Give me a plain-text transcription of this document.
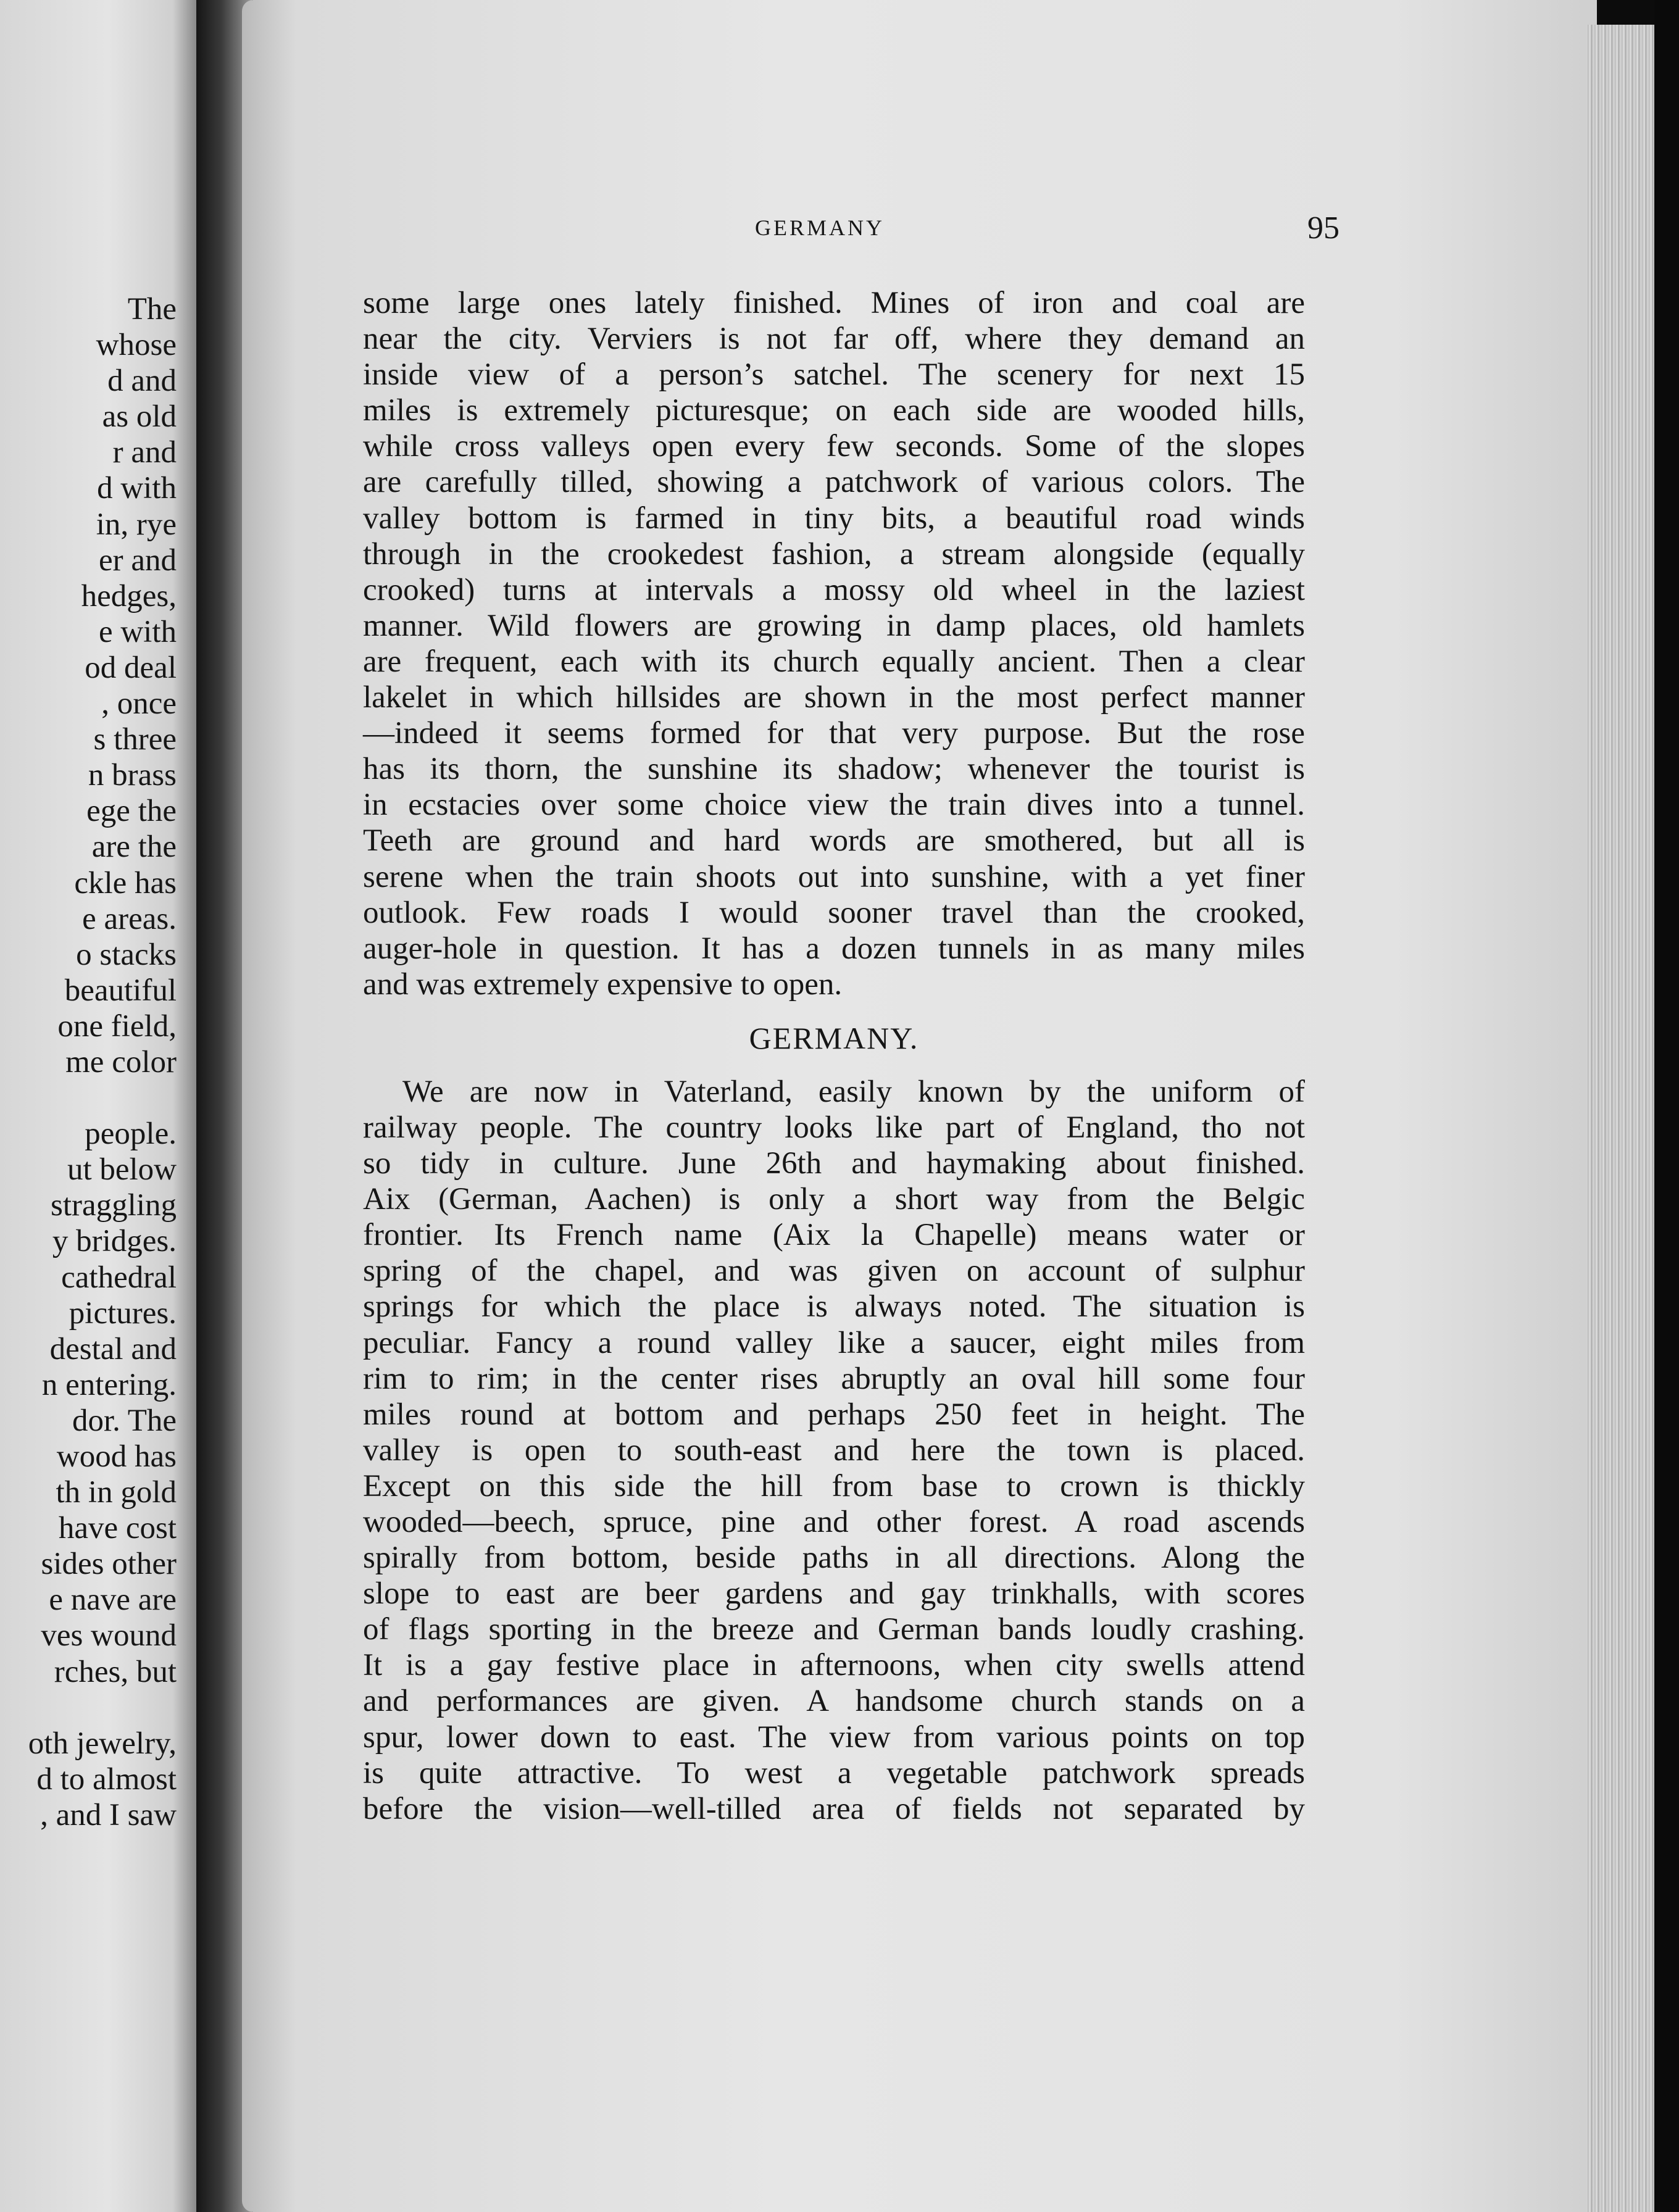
The
whose
d and
as old
r and
d with
in, rye
er and
hedges,
e with
od deal
, once
s three
n brass
ege the
are the
ckle has
e areas.
o stacks
beautiful
one field,
me color
people.
ut below
straggling
y bridges.
cathedral
pictures.
destal and
n entering.
dor. The
wood has
th in gold
have cost
sides other
e nave are
ves wound
rches, but
oth jewelry,
d to almost
, and I saw
GERMANY	95
some large ones lately finished. Mines of iron and coal are
near the city. Verviers is not far off, where they demand an
inside view of a person’s satchel. The scenery for next 15
miles is extremely picturesque; on each side are wooded hills,
while cross valleys open every few seconds. Some of the slopes
are carefully tilled, showing a patchwork of various colors. The
valley bottom is farmed in tiny bits, a beautiful road winds
through in the crookedest fashion, a stream alongside (equally
crooked) turns at intervals a mossy old wheel in the laziest
manner. Wild flowers are growing in damp places, old hamlets
are frequent, each with its church equally ancient. Then a clear
lakelet in which hillsides are shown in the most perfect manner
—indeed it seems formed for that very purpose. But the rose
has its thorn, the sunshine its shadow; whenever the tourist is
in ecstacies over some choice view the train dives into a tunnel.
Teeth are ground and hard words are smothered, but all is
serene when the train shoots out into sunshine, with a yet finer
outlook. Few roads I would sooner travel than the crooked,
auger-hole in question. It has a dozen tunnels in as many miles
and was extremely expensive to open.
GERMANY.
We are now in Vaterland, easily known by the uniform of
railway people. The country looks like part of England, tho not
so tidy in culture. June 26th and haymaking about finished.
Aix (German, Aachen) is only a short way from the Belgic
frontier. Its French name (Aix la Chapelle) means water or
spring of the chapel, and was given on account of sulphur
springs for which the place is always noted. The situation is
peculiar. Fancy a round valley like a saucer, eight miles from
rim to rim; in the center rises abruptly an oval hill some four
miles round at bottom and perhaps 250 feet in height. The
valley is open to south-east and here the town is placed.
Except on this side the hill from base to crown is thickly
wooded—beech, spruce, pine and other forest. A road ascends
spirally from bottom, beside paths in all directions. Along the
slope to east are beer gardens and gay trinkhalls, with scores
of flags sporting in the breeze and German bands loudly crashing.
It is a gay festive place in afternoons, when city swells attend
and performances are given. A handsome church stands on a
spur, lower down to east. The view from various points on top
is quite attractive. To west a vegetable patchwork spreads
before the vision—well-tilled area of fields not separated by
